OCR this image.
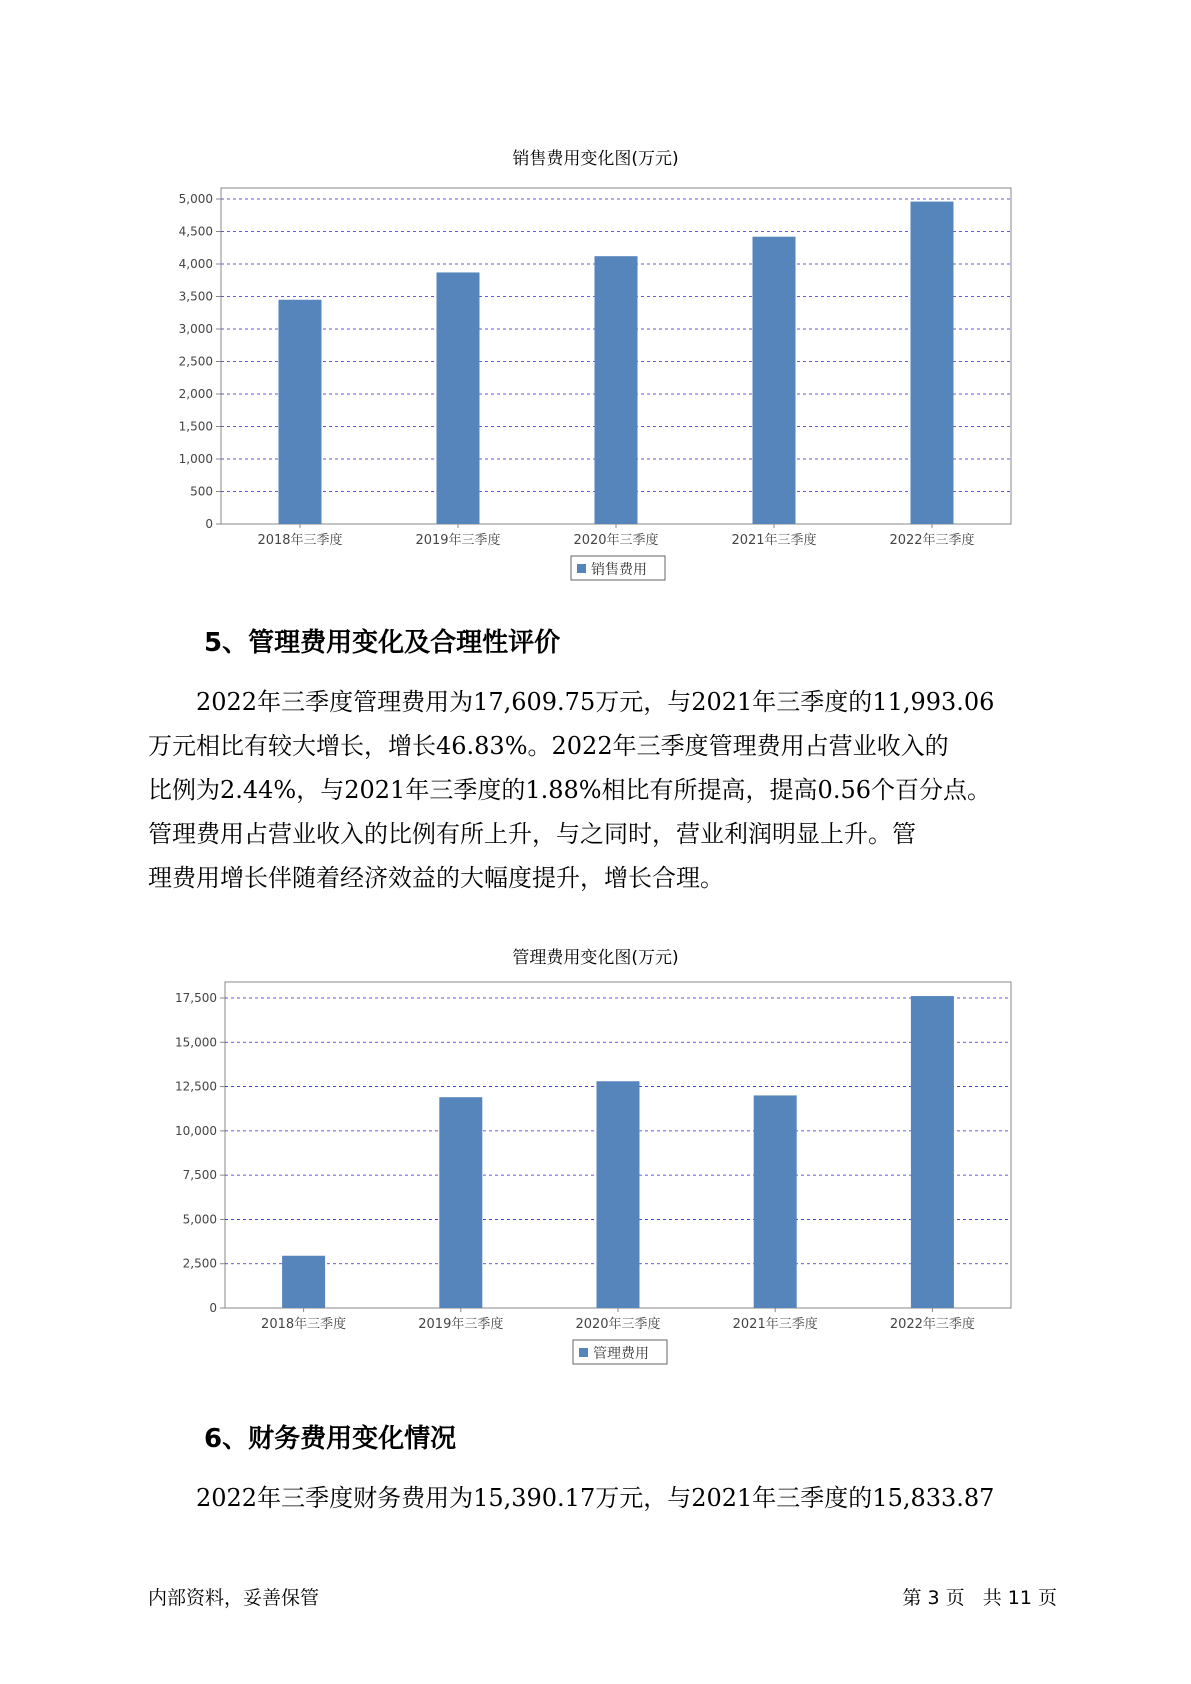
销售费用变化图(万元)
0
500
1,000
1,500
2,000
2,500
3,000
3,500
4,000
4,500
5,000
2018年三季度	2019年三季度	2020年三季度	2021年三季度	2022年三季度
销售费用
5、管理费用变化及合理性评价

2022年三季度管理费用为17,609.75万元，与2021年三季度的11,993.06

万元相比有较大增长，增长46.83%。2022年三季度管理费用占营业收入的

比例为2.44%，与2021年三季度的1.88%相比有所提高，提高0.56个百分点。

管理费用占营业收入的比例有所上升，与之同时，营业利润明显上升。管

理费用增长伴随着经济效益的大幅度提升，增长合理。

管理费用变化图(万元)
0
2,500
5,000
7,500
10,000
12,500
15,000
17,500
2018年三季度	2019年三季度	2020年三季度	2021年三季度	2022年三季度
管理费用
6、财务费用变化情况

2022年三季度财务费用为15,390.17万元，与2021年三季度的15,833.87

内部资料，妥善保管	第 3 页   共 11 页
